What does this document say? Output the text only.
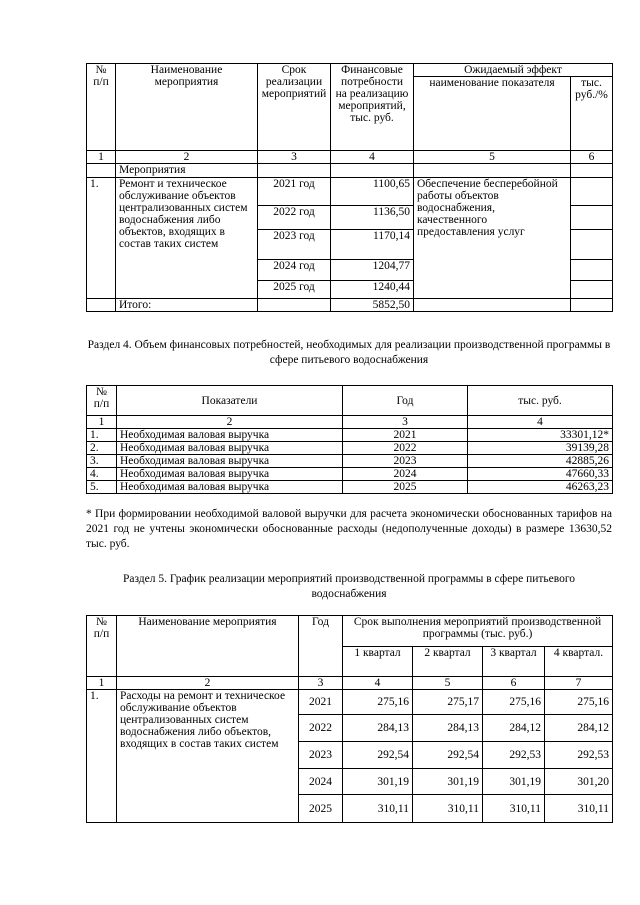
№ п/п	Наименование мероприятия	Срок реализации мероприятий	Финансовые потребности на реализацию мероприятий, тыс. руб.	Ожидаемый эффект	
				наименование показателя	тыс. руб./%
1	2	3	4	5	6
	Мероприятия				
1.	Ремонт и техническое обслуживание объектов централизованных систем водоснабжения либо объектов, входящих в состав таких систем	2021 год	1100,65	Обеспечение бесперебойной работы объектов водоснабжения, качественного предоставления услуг	
		2022 год	1136,50		
		2023 год	1170,14		
		2024 год	1204,77		
		2025 год	1240,44		
	Итого:		5852,50		
Раздел 4. Объем финансовых потребностей, необходимых для реализации производственной программы в сфере питьевого водоснабжения
№ п/п	Показатели	Год	тыс. руб.
1	2	3	4
1.	Необходимая валовая выручка	2021	33301,12*
2.	Необходимая валовая выручка	2022	39139,28
3.	Необходимая валовая выручка	2023	42885,26
4.	Необходимая валовая выручка	2024	47660,33
5.	Необходимая валовая выручка	2025	46263,23
* При формировании необходимой валовой выручки для расчета экономически обоснованных тарифов на 2021 год не учтены экономически обоснованные расходы (недополученные доходы) в размере 13630,52 тыс. руб.
Раздел 5. График реализации мероприятий производственной программы в сфере питьевого водоснабжения
№ п/п	Наименование мероприятия	Год	Срок выполнения мероприятий производственной программы (тыс. руб.)			
			1 квартал	2 квартал	3 квартал	4 квартал.
1	2	3	4	5	6	7
1.	Расходы на ремонт и техническое обслуживание объектов централизованных систем водоснабжения либо объектов, входящих в состав таких систем	2021	275,16	275,17	275,16	275,16
		2022	284,13	284,13	284,12	284,12
		2023	292,54	292,54	292,53	292,53
		2024	301,19	301,19	301,19	301,20
		2025	310,11	310,11	310,11	310,11
